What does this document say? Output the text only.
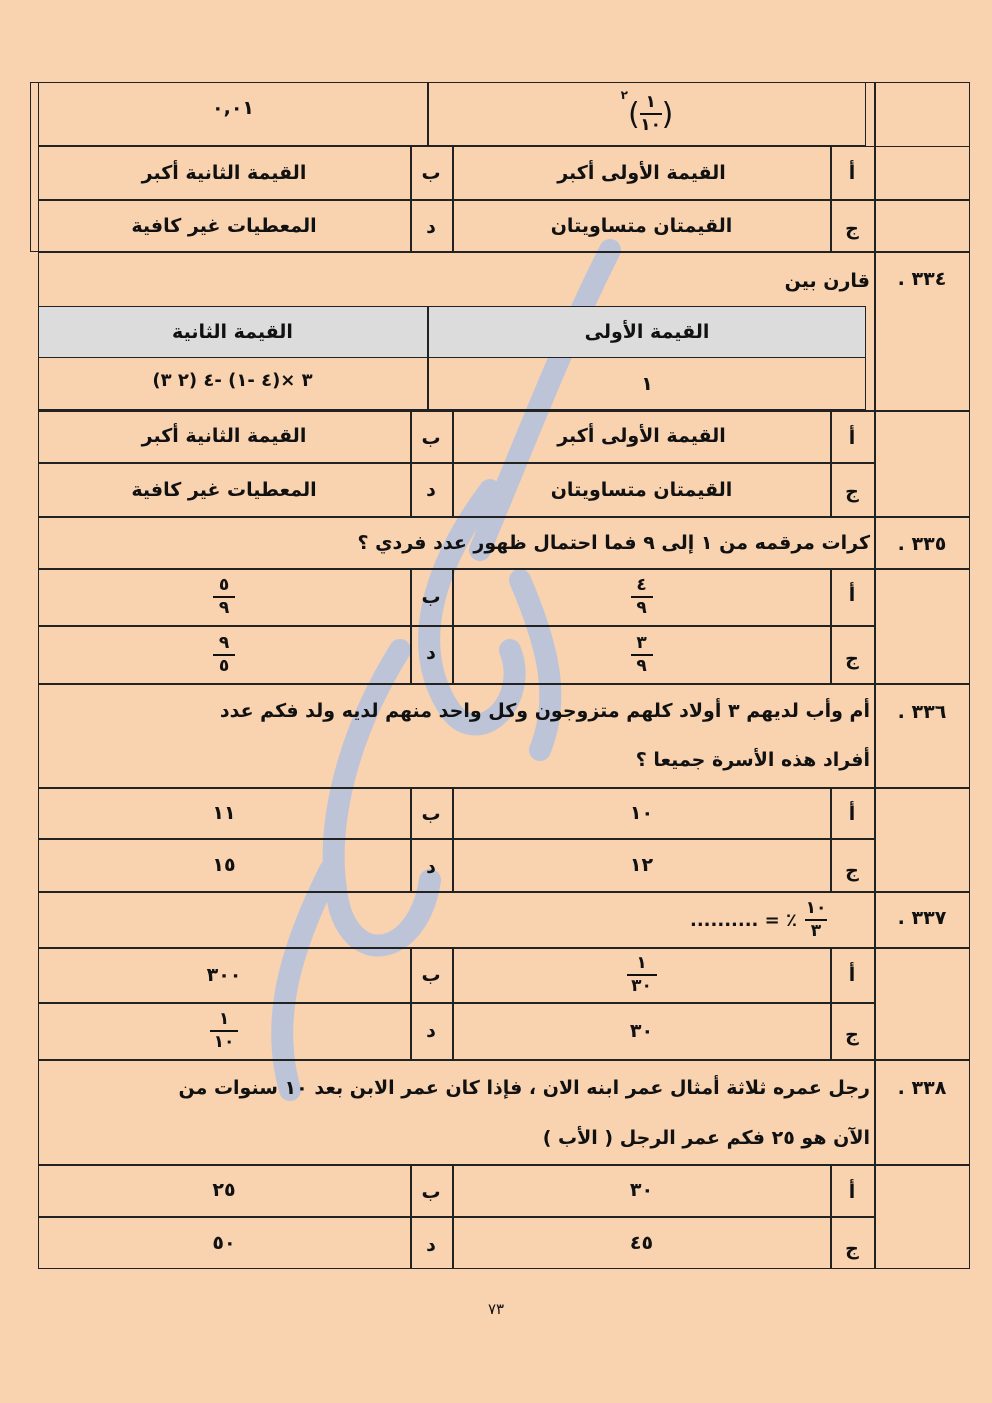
(
$\frac{١}{١٠}$
)
٢
٠,٠١
أ
القيمة الأولى أكبر
ب
القيمة الثانية أكبر
ج
القيمتان متساويتان
د
المعطيات غير كافية
٣٣٤ .
قارن بين
القيمة الأولى
القيمة الثانية
١
(٢ ٣) ٣ ×(٤ -١) -٤
أ
القيمة الأولى أكبر
ب
القيمة الثانية أكبر
ج
القيمتان متساويتان
د
المعطيات غير كافية
٣٣٥ .
كرات مرقمه من ١ إلى ٩ فما احتمال ظهور عدد فردي ؟
أ
$\frac{٤}{٩}$
ب
$\frac{٥}{٩}$
ج
$\frac{٣}{٩}$
د
$\frac{٩}{٥}$
٣٣٦ .
أم وأب لديهم ٣ أولاد كلهم متزوجون وكل واحد منهم لديه ولد فكم عدد
أفراد هذه الأسرة جميعا ؟
أ
١٠
ب
١١
ج
١٢
د
١٥
٣٣٧ .
$\frac{١٠}{٣}$
٪ = ..........
أ
$\frac{١}{٣٠}$
ب
٣٠٠
ج
٣٠
د
$\frac{١}{١٠}$
٣٣٨ .
رجل عمره ثلاثة أمثال عمر ابنه الان ، فإذا كان عمر الابن بعد ١٠ سنوات من
الآن هو ٢٥ فكم عمر الرجل ( الأب )
أ
٣٠
ب
٢٥
ج
٤٥
د
٥٠
٧٣
